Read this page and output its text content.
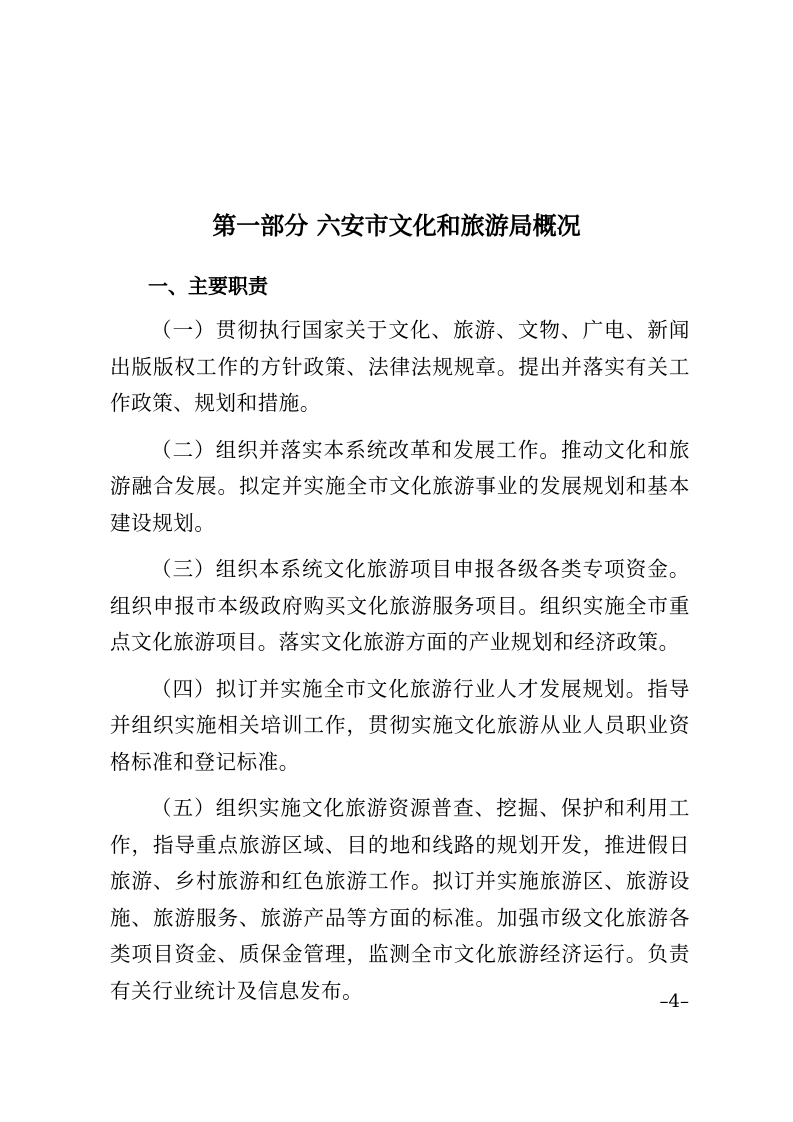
第一部分 六安市文化和旅游局概况
一、主要职责

（一）贯彻执行国家关于文化、旅游、文物、广电、新闻出版版权工作的方针政策、法律法规规章。提出并落实有关工作政策、规划和措施。

（二）组织并落实本系统改革和发展工作。推动文化和旅游融合发展。拟定并实施全市文化旅游事业的发展规划和基本建设规划。

（三）组织本系统文化旅游项目申报各级各类专项资金。组织申报市本级政府购买文化旅游服务项目。组织实施全市重点文化旅游项目。落实文化旅游方面的产业规划和经济政策。

（四）拟订并实施全市文化旅游行业人才发展规划。指导并组织实施相关培训工作，贯彻实施文化旅游从业人员职业资格标准和登记标准。

（五）组织实施文化旅游资源普查、挖掘、保护和利用工作，指导重点旅游区域、目的地和线路的规划开发，推进假日旅游、乡村旅游和红色旅游工作。拟订并实施旅游区、旅游设施、旅游服务、旅游产品等方面的标准。加强市级文化旅游各类项目资金、质保金管理，监测全市文化旅游经济运行。负责有关行业统计及信息发布。	–4–
